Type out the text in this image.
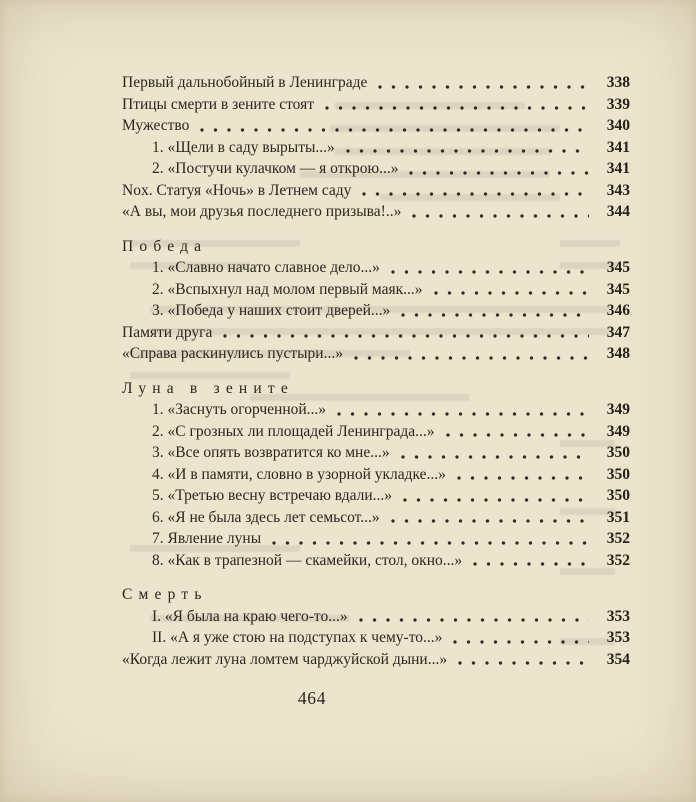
Первый дальнобойный в Ленинграде	338
Птицы смерти в зените стоят	339
Мужество	340
1. «Щели в саду вырыты...»	341
2. «Постучи кулачком — я открою...»	341
Nox. Статуя «Ночь» в Летнем саду	343
«А вы, мои друзья последнего призыва!..»	344
Победа
1. «Славно начато славное дело...»	345
2. «Вспыхнул над молом первый маяк...»	345
3. «Победа у наших стоит дверей...»	346
Памяти друга	347
«Справа раскинулись пустыри...»	348
Луна в зените
1. «Заснуть огорченной...»	349
2. «С грозных ли площадей Ленинграда...»	349
3. «Все опять возвратится ко мне...»	350
4. «И в памяти, словно в узорной укладке...»	350
5. «Третью весну встречаю вдали...»	350
6. «Я не была здесь лет семьсот...»	351
7. Явление луны	352
8. «Как в трапезной — скамейки, стол, окно...»	352
Смерть
I. «Я была на краю чего-то...»	353
II. «А я уже стою на подступах к чему-то...»	353
«Когда лежит луна ломтем чарджуйской дыни...»	354
464
